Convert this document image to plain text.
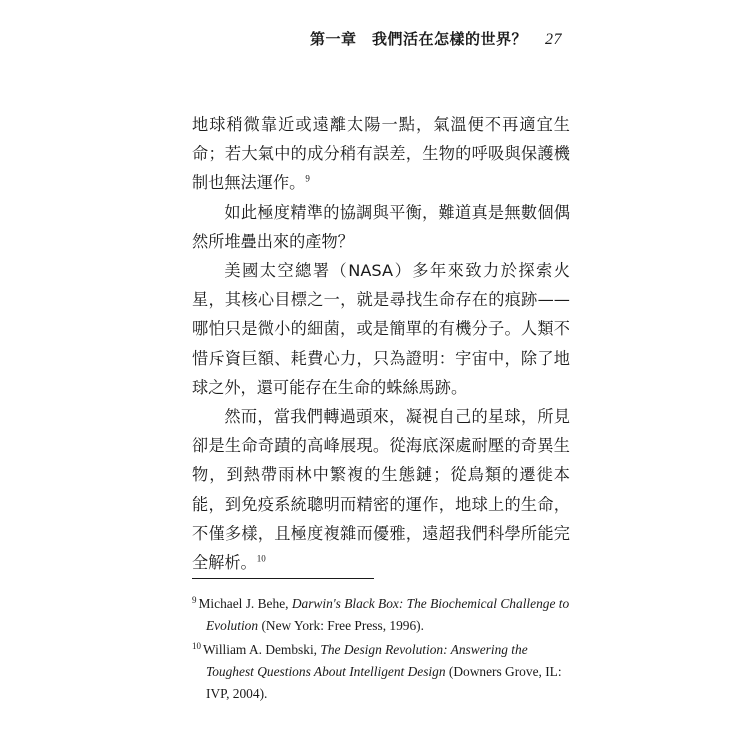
第一章　我們活在怎樣的世界？ 27

地球稍微靠近或遠離太陽一點，氣溫便不再適宜生命；若大氣中的成分稍有誤差，生物的呼吸與保護機制也無法運作。$^9$

如此極度精準的協調與平衡，難道真是無數個偶然所堆疊出來的產物？

美國太空總署（NASA）多年來致力於探索火星，其核心目標之一，就是尋找生命存在的痕跡——哪怕只是微小的細菌，或是簡單的有機分子。人類不惜斥資巨額、耗費心力，只為證明：宇宙中，除了地球之外，還可能存在生命的蛛絲馬跡。

然而，當我們轉過頭來，凝視自己的星球，所見卻是生命奇蹟的高峰展現。從海底深處耐壓的奇異生物，到熱帶雨林中繁複的生態鏈；從鳥類的遷徙本能，到免疫系統聰明而精密的運作，地球上的生命，不僅多樣，且極度複雜而優雅，遠超我們科學所能完全解析。$^{10}$

$^9$ Michael J. Behe, Darwin's Black Box: The Biochemical Challenge to Evolution (New York: Free Press, 1996).

$^{10}$ William A. Dembski, The Design Revolution: Answering the Toughest Questions About Intelligent Design (Downers Grove, IL: IVP, 2004).
